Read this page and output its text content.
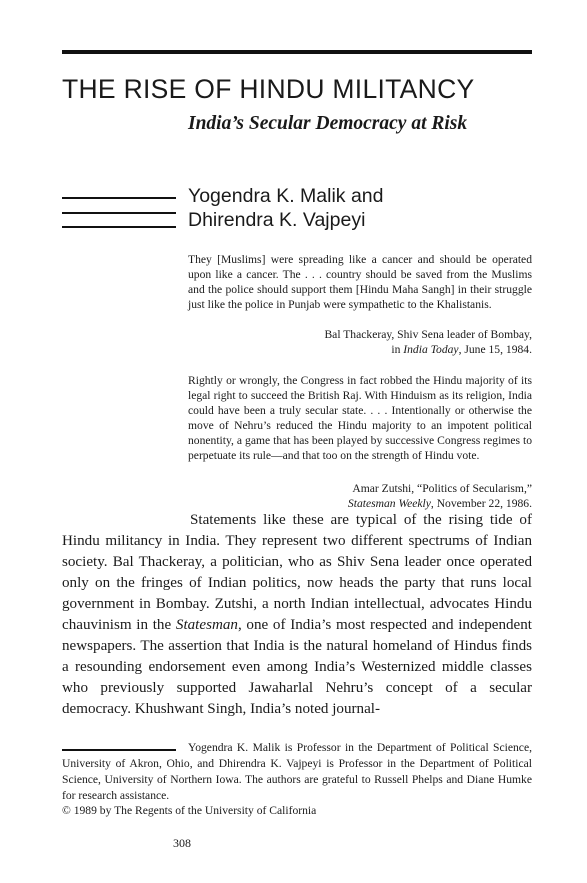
THE RISE OF HINDU MILITANCY
India’s Secular Democracy at Risk
Yogendra K. Malik and
Dhirendra K. Vajpeyi
They [Muslims] were spreading like a cancer and should be operated upon like a cancer. The . . . country should be saved from the Muslims and the police should support them [Hindu Maha Sangh] in their struggle just like the police in Punjab were sympathetic to the Khalistanis.
Bal Thackeray, Shiv Sena leader of Bombay,
in India Today, June 15, 1984.
Rightly or wrongly, the Congress in fact robbed the Hindu majority of its legal right to succeed the British Raj. With Hinduism as its religion, India could have been a truly secular state. . . . Intentionally or otherwise the move of Nehru’s reduced the Hindu majority to an impotent political nonentity, a game that has been played by successive Congress regimes to perpetuate its rule—and that too on the strength of Hindu vote.
Amar Zutshi, “Politics of Secularism,”
Statesman Weekly, November 22, 1986.
Statements like these are typical of the rising tide of Hindu militancy in India. They represent two different spectrums of Indian society. Bal Thackeray, a politician, who as Shiv Sena leader once operated only on the fringes of Indian politics, now heads the party that runs local government in Bombay. Zutshi, a north Indian intellectual, advocates Hindu chauvinism in the Statesman, one of India’s most respected and independent newspapers. The assertion that India is the natural homeland of Hindus finds a resounding endorsement even among India’s Westernized middle classes who previously supported Jawaharlal Nehru’s concept of a secular democracy. Khushwant Singh, India’s noted journal-
Yogendra K. Malik is Professor in the Department of Political Science, University of Akron, Ohio, and Dhirendra K. Vajpeyi is Professor in the Department of Political Science, University of Northern Iowa. The authors are grateful to Russell Phelps and Diane Humke for research assistance.
© 1989 by The Regents of the University of California
308
